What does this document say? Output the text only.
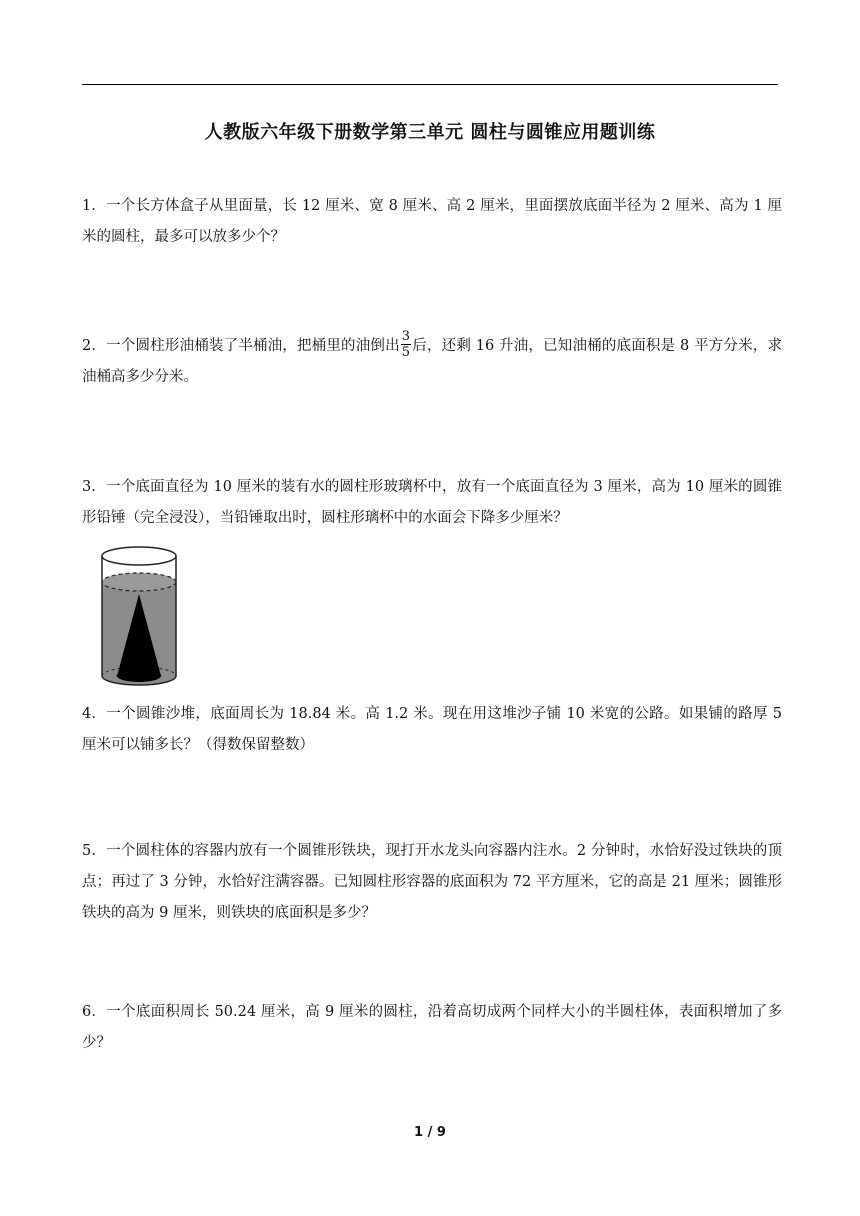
人教版六年级下册数学第三单元 圆柱与圆锥应用题训练
1．一个长方体盒子从里面量，长 12 厘米、宽 8 厘米、高 2 厘米，里面摆放底面半径为 2 厘米、高为 1 厘米的圆柱，最多可以放多少个？
2．一个圆柱形油桶装了半桶油，把桶里的油倒出 $\frac{3}{5}$ 后，还剩 16 升油，已知油桶的底面积是 8 平方分米，求油桶高多少分米。
3．一个底面直径为 10 厘米的装有水的圆柱形玻璃杯中，放有一个底面直径为 3 厘米，高为 10 厘米的圆锥形铅锤（完全浸没），当铅锤取出时，圆柱形璃杯中的水面会下降多少厘米？
4．一个圆锥沙堆，底面周长为 18.84 米。高 1.2 米。现在用这堆沙子铺 10 米宽的公路。如果铺的路厚 5 厘米可以铺多长？（得数保留整数）
5．一个圆柱体的容器内放有一个圆锥形铁块，现打开水龙头向容器内注水。2 分钟时，水恰好没过铁块的顶点；再过了 3 分钟，水恰好注满容器。已知圆柱形容器的底面积为 72 平方厘米，它的高是 21 厘米；圆锥形铁块的高为 9 厘米，则铁块的底面积是多少？
6．一个底面积周长 50.24 厘米，高 9 厘米的圆柱，沿着高切成两个同样大小的半圆柱体，表面积增加了多少？
1 / 9
